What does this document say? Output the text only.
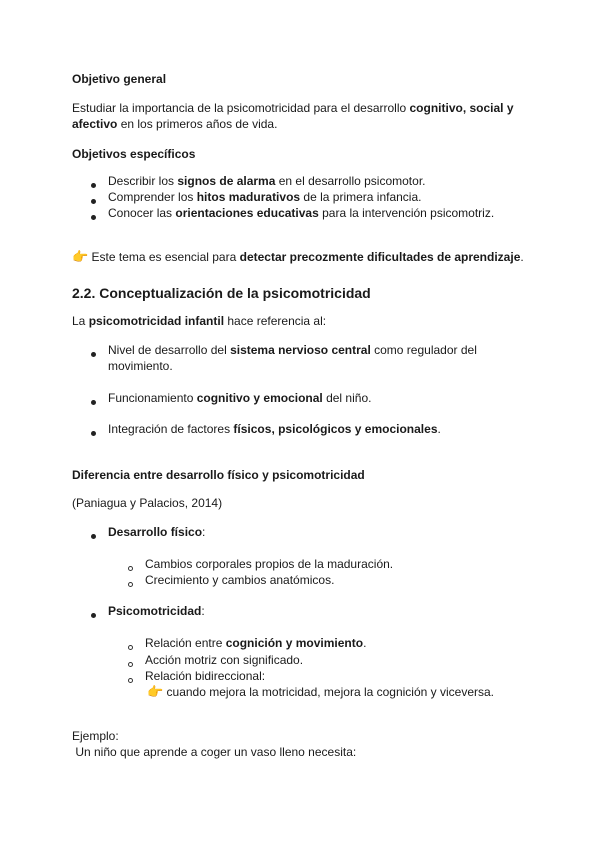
Objetivo general
Estudiar la importancia de la psicomotricidad para el desarrollo cognitivo, social y
afectivo en los primeros años de vida.
Objetivos específicos
Describir los signos de alarma en el desarrollo psicomotor.
Comprender los hitos madurativos de la primera infancia.
Conocer las orientaciones educativas para la intervención psicomotriz.
👉 Este tema es esencial para detectar precozmente dificultades de aprendizaje.
2.2. Conceptualización de la psicomotricidad
La psicomotricidad infantil hace referencia al:
Nivel de desarrollo del sistema nervioso central como regulador del
movimiento.
Funcionamiento cognitivo y emocional del niño.
Integración de factores físicos, psicológicos y emocionales.
Diferencia entre desarrollo físico y psicomotricidad
(Paniagua y Palacios, 2014)
Desarrollo físico:
Cambios corporales propios de la maduración.
Crecimiento y cambios anatómicos.
Psicomotricidad:
Relación entre cognición y movimiento.
Acción motriz con significado.
Relación bidireccional:
👉 cuando mejora la motricidad, mejora la cognición y viceversa.
Ejemplo:
Un niño que aprende a coger un vaso lleno necesita:
